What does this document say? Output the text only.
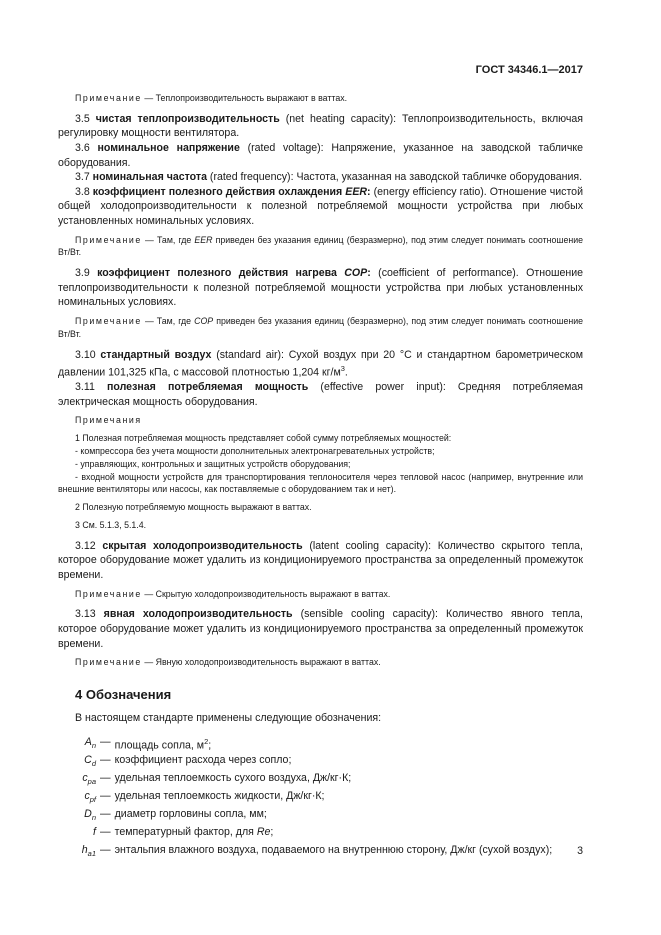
ГОСТ 34346.1—2017

Примечание — Теплопроизводительность выражают в ваттах.

3.5 чистая теплопроизводительность (net heating capacity): Теплопроизводительность, включая регулировку мощности вентилятора.

3.6 номинальное напряжение (rated voltage): Напряжение, указанное на заводской табличке оборудования.

3.7 номинальная частота (rated frequency): Частота, указанная на заводской табличке оборудования.

3.8 коэффициент полезного действия охлаждения EER: (energy efficiency ratio). Отношение чистой общей холодопроизводительности к полезной потребляемой мощности устройства при любых установленных номинальных условиях.

Примечание — Там, где EER приведен без указания единиц (безразмерно), под этим следует понимать соотношение Вт/Вт.

3.9 коэффициент полезного действия нагрева COP: (coefficient of performance). Отношение теплопроизводительности к полезной потребляемой мощности устройства при любых установленных номинальных условиях.

Примечание — Там, где COP приведен без указания единиц (безразмерно), под этим следует понимать соотношение Вт/Вт.

3.10 стандартный воздух (standard air): Сухой воздух при 20 °C и стандартном барометрическом давлении 101,325 кПа, с массовой плотностью 1,204 $кг/м^3$.

3.11 полезная потребляемая мощность (effective power input): Средняя потребляемая электрическая мощность оборудования.

Примечания

1 Полезная потребляемая мощность представляет собой сумму потребляемых мощностей:

- компрессора без учета мощности дополнительных электронагревательных устройств;

- управляющих, контрольных и защитных устройств оборудования;

- входной мощности устройств для транспортирования теплоносителя через тепловой насос (например, внутренние или внешние вентиляторы или насосы, как поставляемые с оборудованием так и нет).

2 Полезную потребляемую мощность выражают в ваттах.

3 См. 5.1.3, 5.1.4.

3.12 скрытая холодопроизводительность (latent cooling capacity): Количество скрытого тепла, которое оборудование может удалить из кондиционируемого пространства за определенный промежуток времени.

Примечание — Скрытую холодопроизводительность выражают в ваттах.

3.13 явная холодопроизводительность (sensible cooling capacity): Количество явного тепла, которое оборудование может удалить из кондиционируемого пространства за определенный промежуток времени.

Примечание — Явную холодопроизводительность выражают в ваттах.

4 Обозначения

В настоящем стандарте применены следующие обозначения:

$A_n$ — площадь сопла, $м^2$;
$C_d$ — коэффициент расхода через сопло;
$c_{pa}$ — удельная теплоемкость сухого воздуха, Дж/кг·К;
$c_{pf}$ — удельная теплоемкость жидкости, Дж/кг·К;
$D_n$ — диаметр горловины сопла, мм;
f — температурный фактор, для Re;
$h_{a1}$ — энтальпия влажного воздуха, подаваемого на внутреннюю сторону, Дж/кг (сухой воздух);	3
